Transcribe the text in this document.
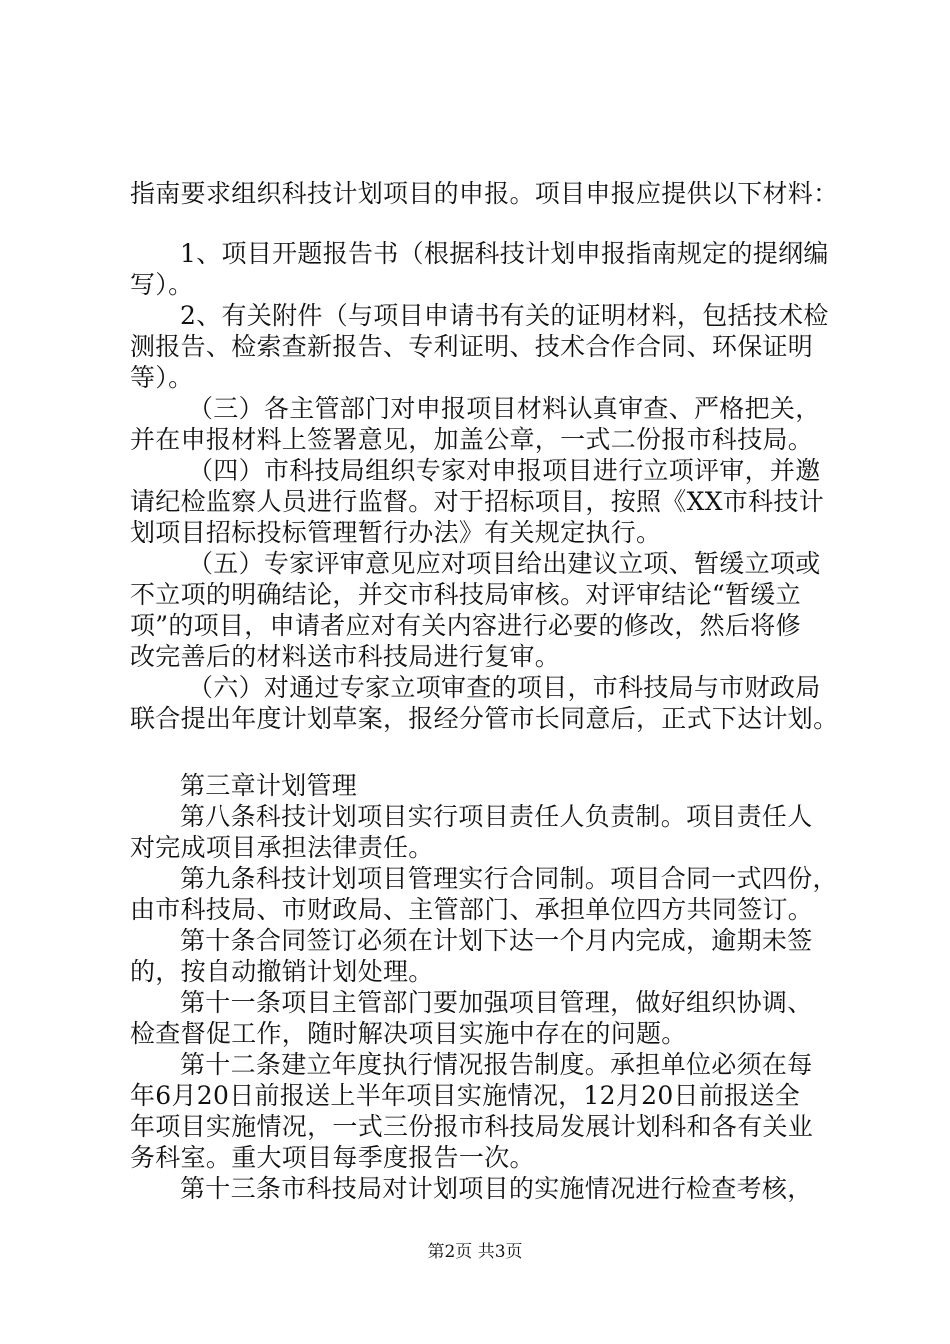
指南要求组织科技计划项目的申报。项目申报应提供以下材料：
1、项目开题报告书（根据科技计划申报指南规定的提纲编
写）。
2、有关附件（与项目申请书有关的证明材料，包括技术检
测报告、检索查新报告、专利证明、技术合作合同、环保证明
等）。
（三）各主管部门对申报项目材料认真审查、严格把关，
并在申报材料上签署意见，加盖公章，一式二份报市科技局。
（四）市科技局组织专家对申报项目进行立项评审，并邀
请纪检监察人员进行监督。对于招标项目，按照《XX市科技计
划项目招标投标管理暂行办法》有关规定执行。
（五）专家评审意见应对项目给出建议立项、暂缓立项或
不立项的明确结论，并交市科技局审核。对评审结论“暂缓立
项”的项目，申请者应对有关内容进行必要的修改，然后将修
改完善后的材料送市科技局进行复审。
（六）对通过专家立项审查的项目，市科技局与市财政局
联合提出年度计划草案，报经分管市长同意后，正式下达计划。
第三章计划管理
第八条科技计划项目实行项目责任人负责制。项目责任人
对完成项目承担法律责任。
第九条科技计划项目管理实行合同制。项目合同一式四份，
由市科技局、市财政局、主管部门、承担单位四方共同签订。
第十条合同签订必须在计划下达一个月内完成，逾期未签
的，按自动撤销计划处理。
第十一条项目主管部门要加强项目管理，做好组织协调、
检查督促工作，随时解决项目实施中存在的问题。
第十二条建立年度执行情况报告制度。承担单位必须在每
年6月20日前报送上半年项目实施情况，12月20日前报送全
年项目实施情况，一式三份报市科技局发展计划科和各有关业
务科室。重大项目每季度报告一次。
第十三条市科技局对计划项目的实施情况进行检查考核，
第2页 共3页
